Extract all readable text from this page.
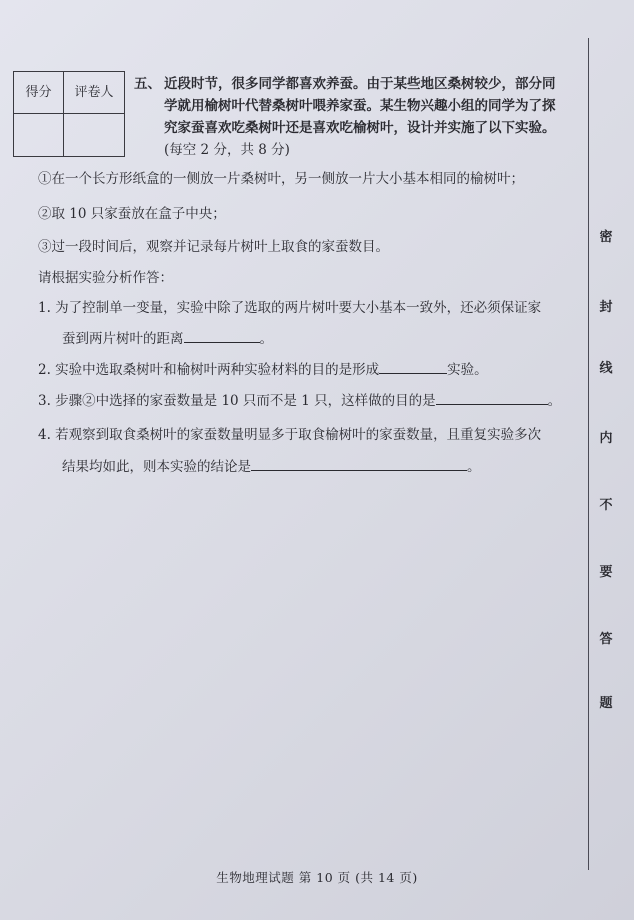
得分	评卷人
五、 近段时节，很多同学都喜欢养蚕。由于某些地区桑树较少，部分同学就用榆树叶代替桑树叶喂养家蚕。某生物兴趣小组的同学为了探究家蚕喜欢吃桑树叶还是喜欢吃榆树叶，设计并实施了以下实验。(每空 2 分，共 8 分)
①在一个长方形纸盒的一侧放一片桑树叶，另一侧放一片大小基本相同的榆树叶；
②取 10 只家蚕放在盒子中央；
③过一段时间后，观察并记录每片树叶上取食的家蚕数目。
请根据实验分析作答：
1. 为了控制单一变量，实验中除了选取的两片树叶要大小基本一致外，还必须保证家
蚕到两片树叶的距离	。
2. 实验中选取桑树叶和榆树叶两种实验材料的目的是形成	实验。
3. 步骤②中选择的家蚕数量是 10 只而不是 1 只，这样做的目的是	。
4. 若观察到取食桑树叶的家蚕数量明显多于取食榆树叶的家蚕数量，且重复实验多次
结果均如此，则本实验的结论是	。
密
封
线
内
不
要
答
题
生物地理试题 第 10 页 (共 14 页)
